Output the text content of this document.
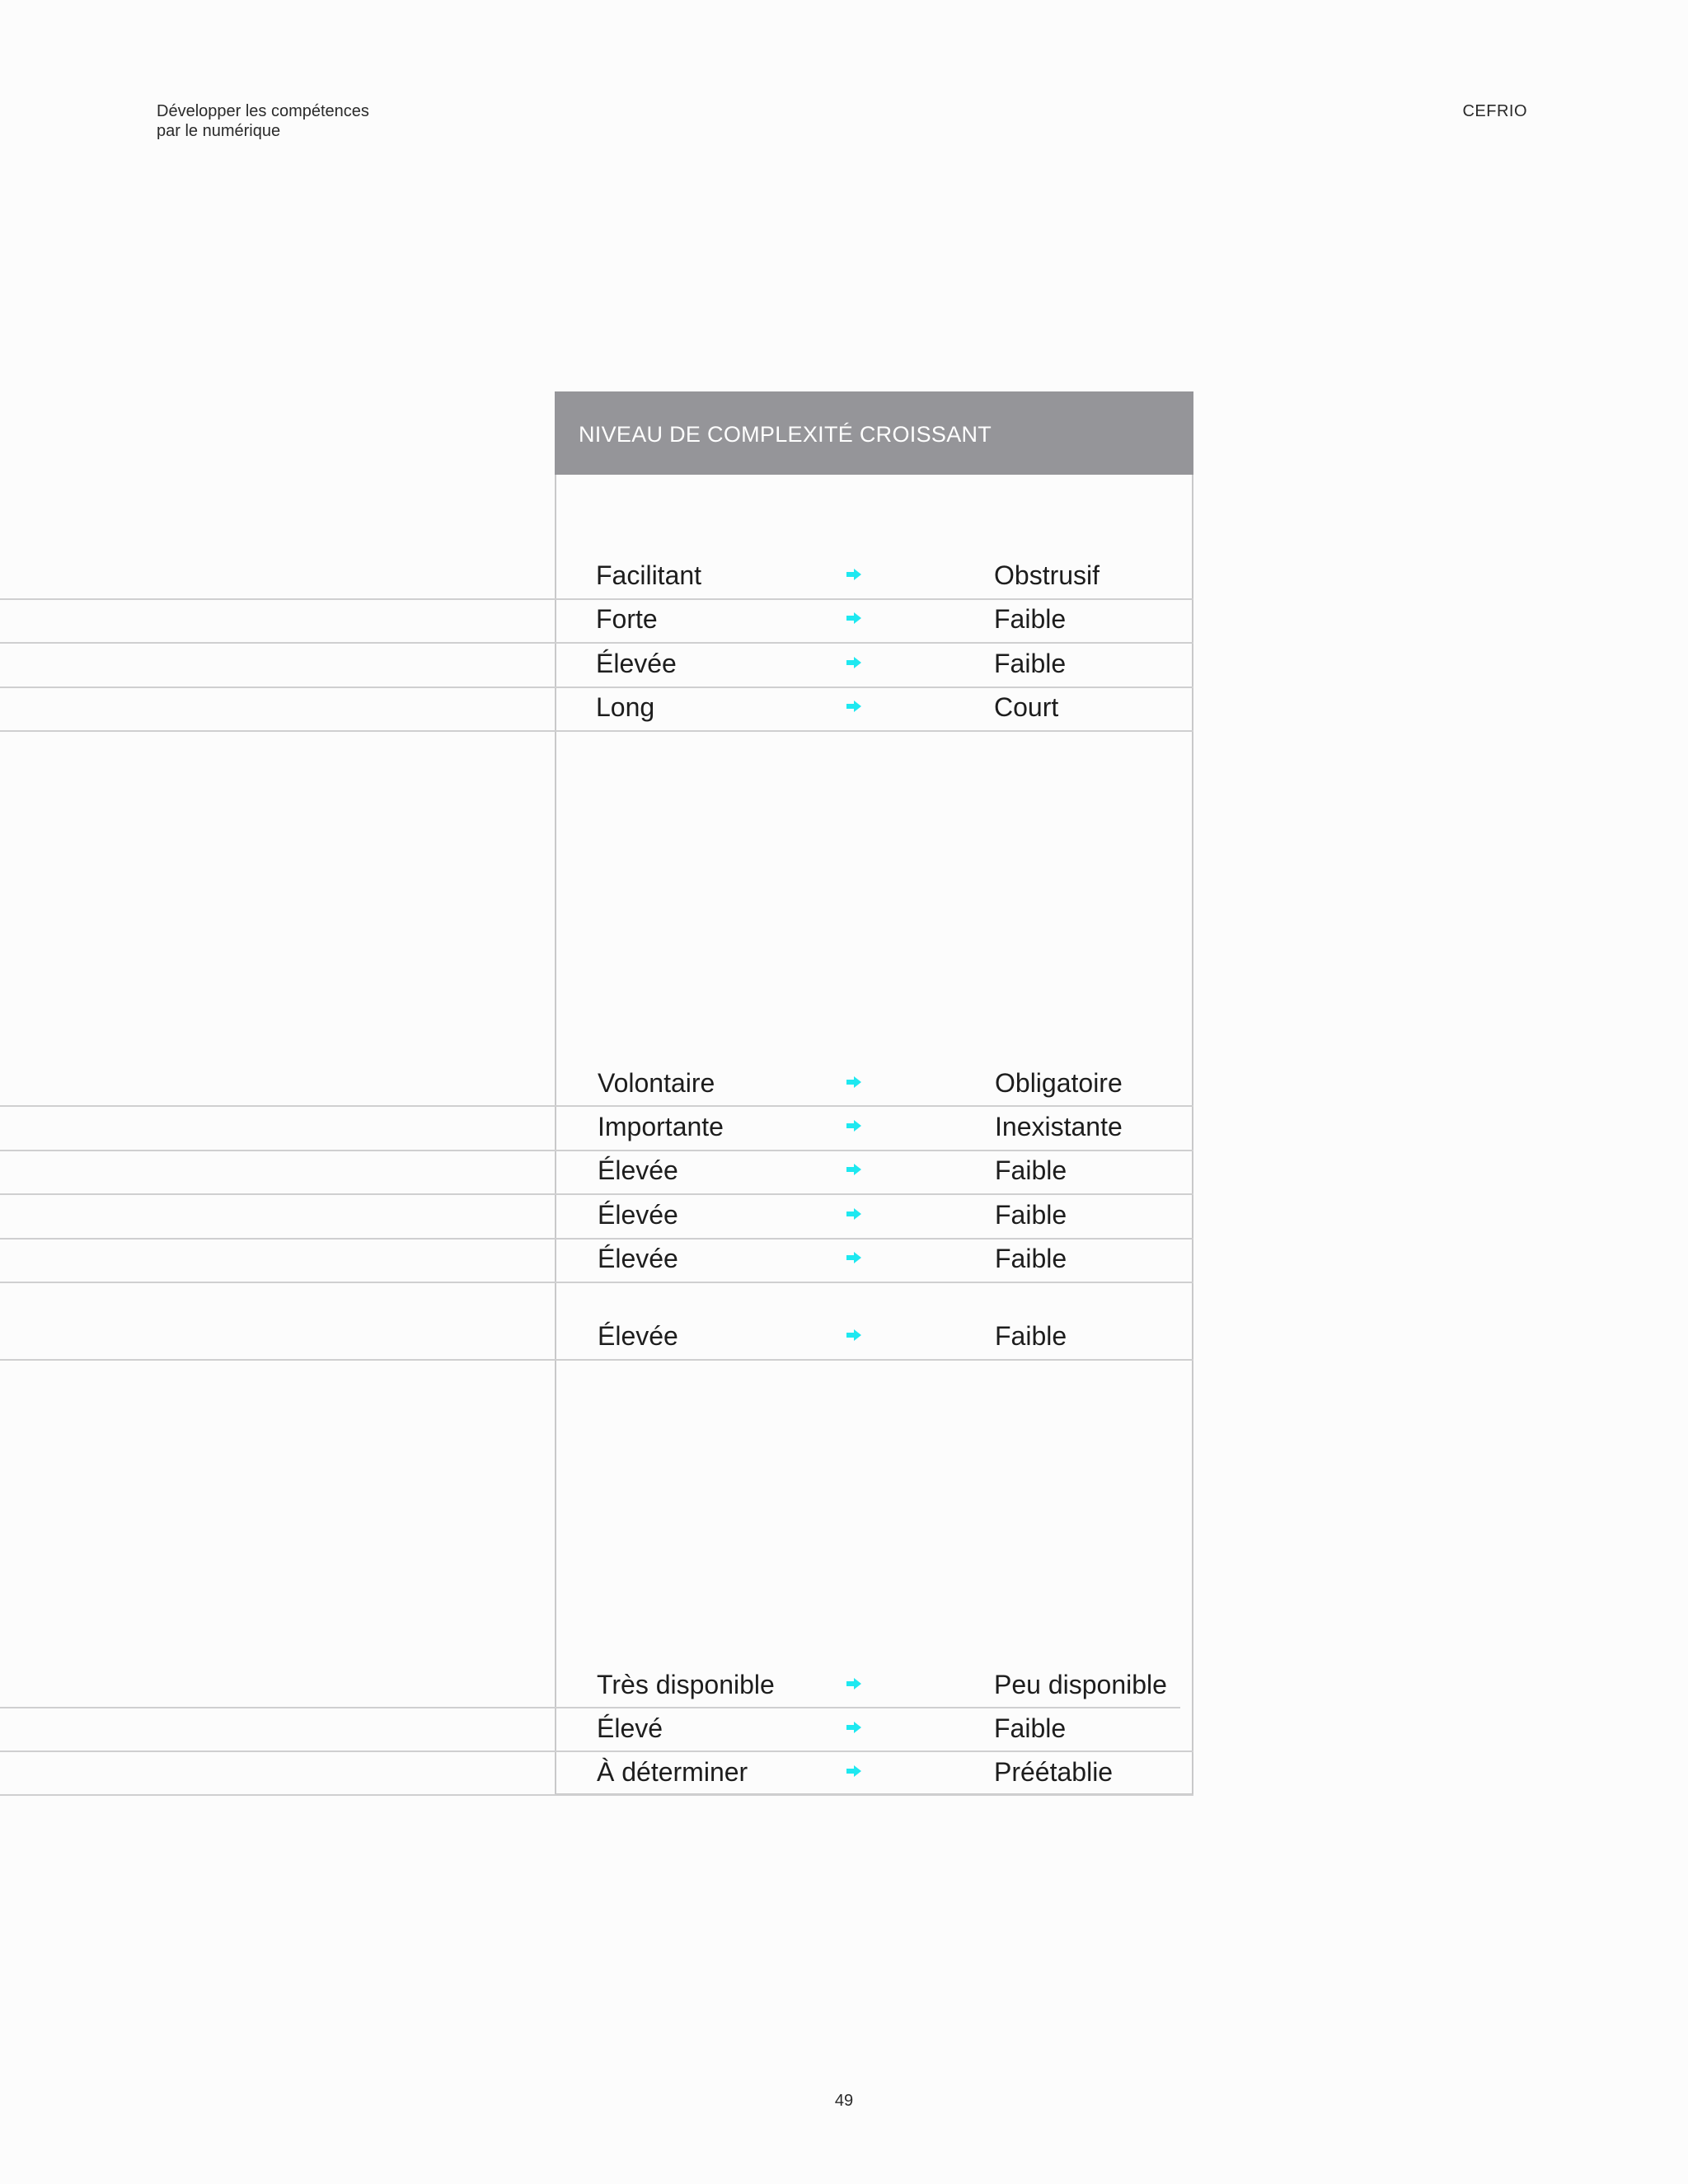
Développer les compétences
par le numérique
CEFRIO
NIVEAU DE COMPLEXITÉ CROISSANT
Facilitant	Obstrusif
Forte	Faible
Élevée	Faible
Long	Court
Volontaire	Obligatoire
Importante	Inexistante
Élevée	Faible
Élevée	Faible
Élevée	Faible
Élevée	Faible
Très disponible	Peu disponible
Élevé	Faible
À déterminer	Préétablie
49
